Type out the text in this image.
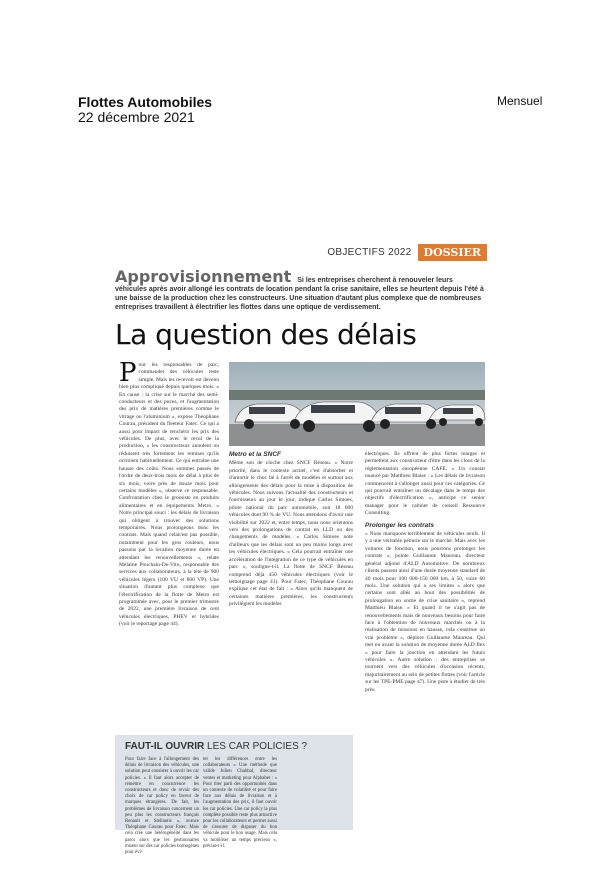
Flottes Automobiles
22 décembre 2021
Mensuel
OBJECTIFS 2022	DOSSIER
Approvisionnement Si les entreprises cherchent à renouveler leurs véhicules après avoir allongé les contrats de location pendant la crise sanitaire, elles se heurtent depuis l'été à une baisse de la production chez les constructeurs. Une situation d'autant plus complexe que de nombreuses entreprises travaillent à électrifier les flottes dans une optique de verdissement.
La question des délais
P our les responsables de parc, commander des véhicules reste simple. Mais les recevoir est devenu bien plus compliqué depuis quelques mois. « En cause : la crise sur le marché des semi-conducteurs et des puces, et l'augmentation des prix de matières premières comme le vitrage ou l'aluminium », expose Théophane Courau, président du fleeteur Fatec. Ce qui a aussi pour impact de renchérir les prix des véhicules. De plus, avec le recul de la production, « les constructeurs annulent ou réduisent très fortement les remises qu'ils octroient habituellement. Ce qui entraîne une hausse des coûts. Nous sommes passés de l'ordre de deux-trois mois de délai à plus de six mois, voire près de douze mois pour certains modèles », observe ce responsable. Confrontation chez le grossiste en produits alimentaires et en équipements Metro. « Notre principal souci : les délais de livraison qui obligent à trouver des solutions temporaires. Nous prolongeons donc les contrats. Mais quand celan'est pas possible, notamment pour les gros rouleurs, nous passons par la location moyenne durée en attendant les renouvellements », relate Mélaine Pouchain-De-Vitu, responsable des services aux collaborateurs, à la tête de 900 véhicules légers (100 VU et 800 VP). Une situation d'autant plus complexe que l'électrification de la flotte de Metro est programmée avec, pour le premier trimestre de 2022, une première livraison de cent véhicules électriques, PHEV et hybrides (voir le reportage page 44).
Metro et la SNCF
Même son de cloche chez SNCF Réseau. « Notre priorité, dans le contexte actuel, c'est d'absorber et d'amortir le choc lié à l'arrêt de modèles et surtout aux allongements des délais pour la mise à disposition de véhicules. Nous suivons l'actualité des constructeurs et fournisseurs au jour le jour, indique Carlos Simoes, pilote national du parc automobile, soit 18 000 véhicules dont 90 % de VU. Nous attendons d'avoir une visibilité sur 2022 et, entre temps, nous nous orientons vers des prolongations de contrat en LLD ou des changements de modèles. » Carlos Simoes note d'ailleurs que les délais sont un peu moins longs avec les véhicules électriques. « Cela pourrait entraîner une accélération de l'intégration de ce type de véhicules en parc », souligne-t-il. La flotte de SNCF Réseau comprend déjà 450 véhicules électriques (voir le témoignage page 41). Pour Fatec, Théophane Courau explique cet état de fait : « Alors qu'ils manquent de certaines matières premières, les constructeurs privilégient les modèles
électriques. Ils offrent de plus fortes marges et permettent aux constructeur d'être dans les clous de la réglementation européenne CAFE. » Un constat nuancé par Matthieu Blaise : « Les délais de livraison commencent à s'allonger aussi pour ces catégories. Ce qui pourrait entraîner un décalage dans le temps des objectifs d'électrification », anticipe ce senior manager pour le cabinet de conseil Ressource Consulting.
Prolonger les contrats
« Nous manquons terriblement de véhicules neufs. Il y a une véritable pénurie sur le marché. Mais avec les voitures de fonction, nous pourrons prolonger les contrats », pointe Guillaume Maureau, directeur général adjoint d'ALD Automotive. De nombreux clients passent ainsi d'une durée moyenne standard de 40 mois pour 100 000-150 000 km, à 50, voire 60 mois. Une solution qui a ses limites « alors que certains sont allés au bout des possibilités de prolongation en sortie de crise sanitaire », reprend Matthieu Blaise. « Et quand il ne s'agit pas de renouvellements mais de nouveaux besoins pour faire face à l'obtention de nouveaux marchés ou à la réalisation de missions en hausse, cela constitue un vrai problème », déplore Guillaume Maureau. Qui met en avant la solution de moyenne durée ALD flex « pour faire la jonction en attendant les futurs véhicules ». Autre solution : des entreprises se tournent vers des véhicules d'occasion récents, majoritairement au sein de petites flottes (voir l'article sur les TPE-PME page 47). Une piste à étudier de très près.
FAUT-IL OUVRIR LES CAR POLICIES ?
Pour faire face à l'allongement des délais de livraison des véhicules, une solution peut consister à ouvrir les car policies. « Il faut alors accepter de remettre en concurrence les constructeurs et donc de revoir des choix de car policy en faveur de marques étrangères. De fait, les problèmes de livraison concernent un peu plus les constructeurs français Renault et Stellantis », avance Théophane Courau pour Fatec. Mais cela crée une hétérogénéité dans les parcs alors que les gestionnaires misent sur des car policies homogènes pour évi-
ter les différences entre les collaborateurs » Une méthode que valide Julien Chabbal, directeur ventes et marketing pour Alphabet : « Pour tirer parti des opportunités dans un contexte de volatilité et pour faire face aux délais de livraison et à l'augmentation des prix, il faut ouvrir les car policies. Une car policy la plus complète possible reste plus attractive pour les collaborateurs et permet aussi de s'assurer de disposer du bon véhicule pour le bon usage. Mais cela va mobiliser un temps précieux », précise-t-il.
